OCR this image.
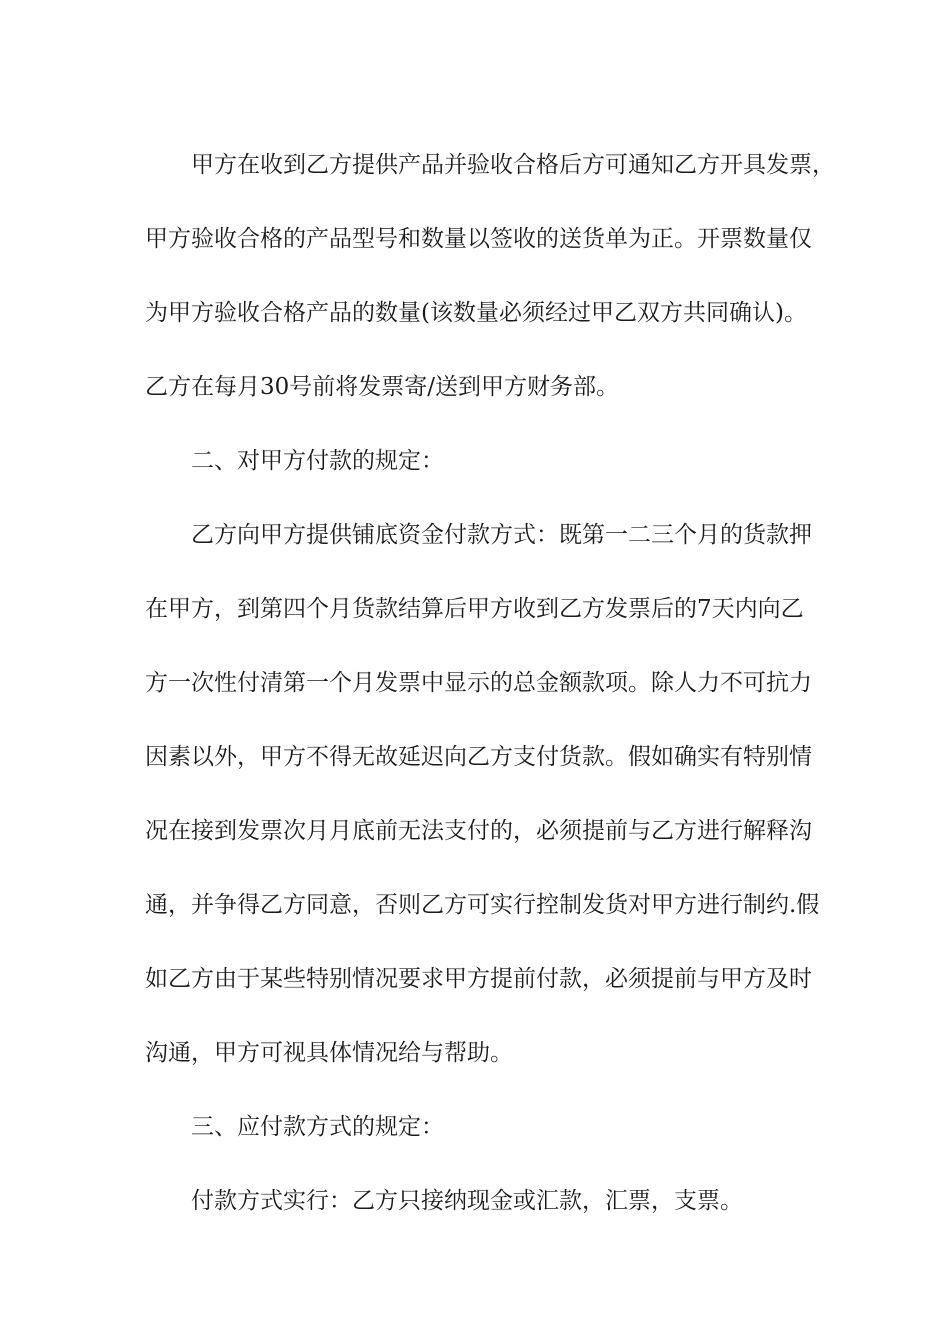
甲方在收到乙方提供产品并验收合格后方可通知乙方开具发票，
甲方验收合格的产品型号和数量以签收的送货单为正。开票数量仅
为甲方验收合格产品的数量(该数量必须经过甲乙双方共同确认)。
乙方在每月30号前将发票寄/送到甲方财务部。
二、对甲方付款的规定：
乙方向甲方提供铺底资金付款方式：既第一二三个月的货款押
在甲方，到第四个月货款结算后甲方收到乙方发票后的7天内向乙
方一次性付清第一个月发票中显示的总金额款项。除人力不可抗力
因素以外，甲方不得无故延迟向乙方支付货款。假如确实有特别情
况在接到发票次月月底前无法支付的，必须提前与乙方进行解释沟
通，并争得乙方同意，否则乙方可实行控制发货对甲方进行制约.假
如乙方由于某些特别情况要求甲方提前付款，必须提前与甲方及时
沟通，甲方可视具体情况给与帮助。
三、应付款方式的规定：
付款方式实行：乙方只接纳现金或汇款，汇票，支票。
